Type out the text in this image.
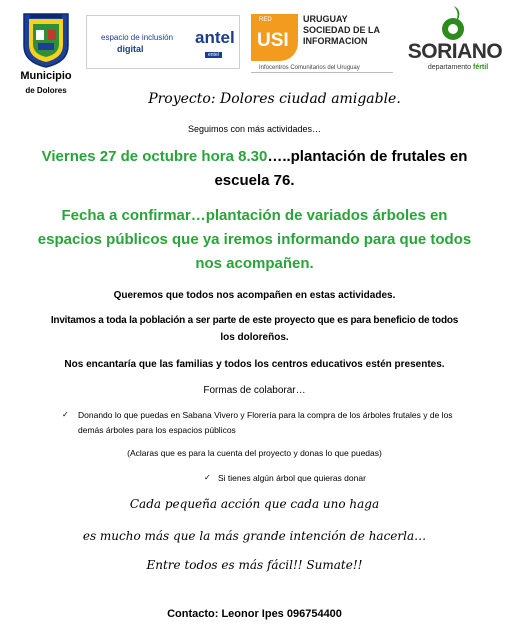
Municipio
de Dolores
espacio de inclusión
digital
antel
entel
RED
USI
URUGUAY SOCIEDAD DE LA INFORMACION
Infocentros Comunitarios del Uruguay
SORIANO
departamento fértil
Proyecto: Dolores ciudad amigable.
Seguimos con más actividades…
Viernes 27 de octubre hora 8.30…..plantación de frutales en
escuela 76.
Fecha a confirmar…plantación de variados árboles en
espacios públicos que ya iremos informando para que todos
nos acompañen.
Queremos que todos nos acompañen en estas actividades.
Invitamos a toda la población a ser parte de este proyecto que es para beneficio de todos
los doloreños.
Nos encantaría que las familias y todos los centros educativos estén presentes.
Formas de colaborar…
✓ Donando lo que puedas en Sabana Vivero y Florería para la compra de los árboles frutales y de los
demás árboles para los espacios públicos
(Aclaras que es para la cuenta del proyecto y donas lo que puedas)
✓ Si tienes algún árbol que quieras donar
Cada pequeña acción que cada uno haga
es mucho más que la más grande intención de hacerla…
Entre todos es más fácil!! Sumate!!
Contacto: Leonor Ipes 096754400
